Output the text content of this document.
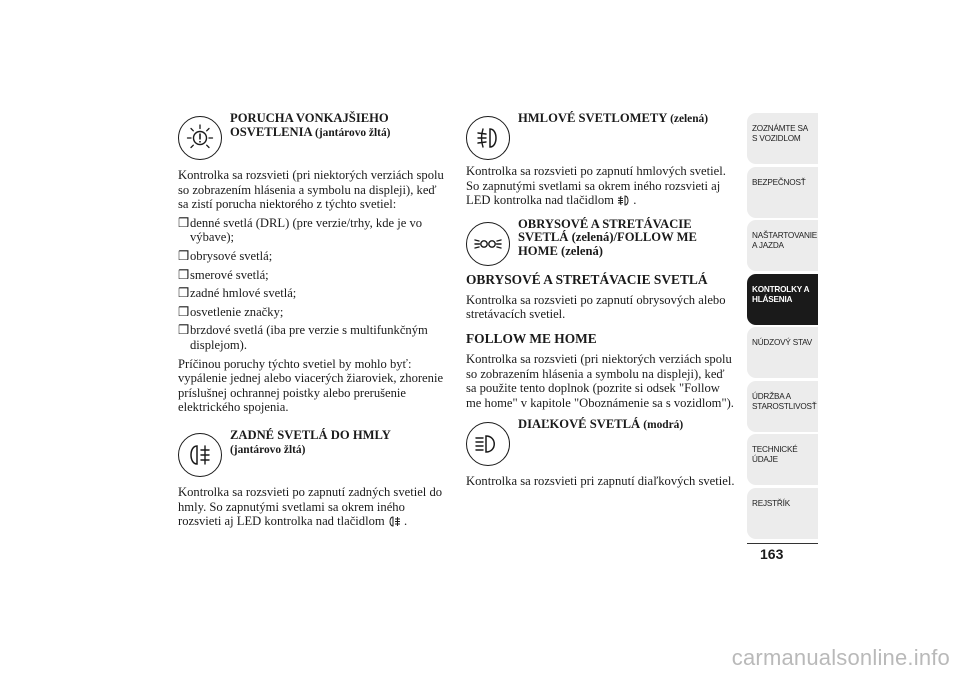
PORUCHA VONKAJŠIEHO OSVETLENIA (jantárovo žltá)

Kontrolka sa rozsvieti (pri niektorých verziách spolu so zobrazením hlásenia a symbolu na displeji), keď sa zistí porucha niektorého z týchto svetiel:

❒ denné svetlá (DRL) (pre verzie/trhy, kde je vo výbave);
❒ obrysové svetlá;
❒ smerové svetlá;
❒ zadné hmlové svetlá;
❒ osvetlenie značky;
❒ brzdové svetlá (iba pre verzie s multifunkčným displejom).

Príčinou poruchy týchto svetiel by mohlo byť: vypálenie jednej alebo viacerých žiaroviek, zhorenie príslušnej ochrannej poistky alebo prerušenie elektrického spojenia.

ZADNÉ SVETLÁ DO HMLY
(jantárovo žltá)

Kontrolka sa rozsvieti po zapnutí zadných svetiel do hmly. So zapnutými svetlami sa okrem iného rozsvieti aj LED kontrolka nad tlačidlom .

HMLOVÉ SVETLOMETY (zelená)

Kontrolka sa rozsvieti po zapnutí hmlových svetiel. So zapnutými svetlami sa okrem iného rozsvieti aj LED kontrolka nad tlačidlom .

OBRYSOVÉ A STRETÁVACIE SVETLÁ (zelená)/FOLLOW ME HOME (zelená)
OBRYSOVÉ A STRETÁVACIE SVETLÁ

Kontrolka sa rozsvieti po zapnutí obrysových alebo stretávacích svetiel.

FOLLOW ME HOME

Kontrolka sa rozsvieti (pri niektorých verziách spolu so zobrazením hlásenia a symbolu na displeji), keď sa použite tento doplnok (pozrite si odsek "Follow me home" v kapitole "Oboznámenie sa s vozidlom").

DIAĽKOVÉ SVETLÁ (modrá)

Kontrolka sa rozsvieti pri zapnutí diaľkových svetiel.

ZOZNÁMTE SA S VOZIDLOM
BEZPEČNOSŤ
NAŠTARTOVANIE A JAZDA
KONTROLKY A HLÁSENIA
NÚDZOVÝ STAV
ÚDRŽBA A STAROSTLIVOSŤ
TECHNICKÉ ÚDAJE
REJSTŘÍK
163
carmanualsonline.info
